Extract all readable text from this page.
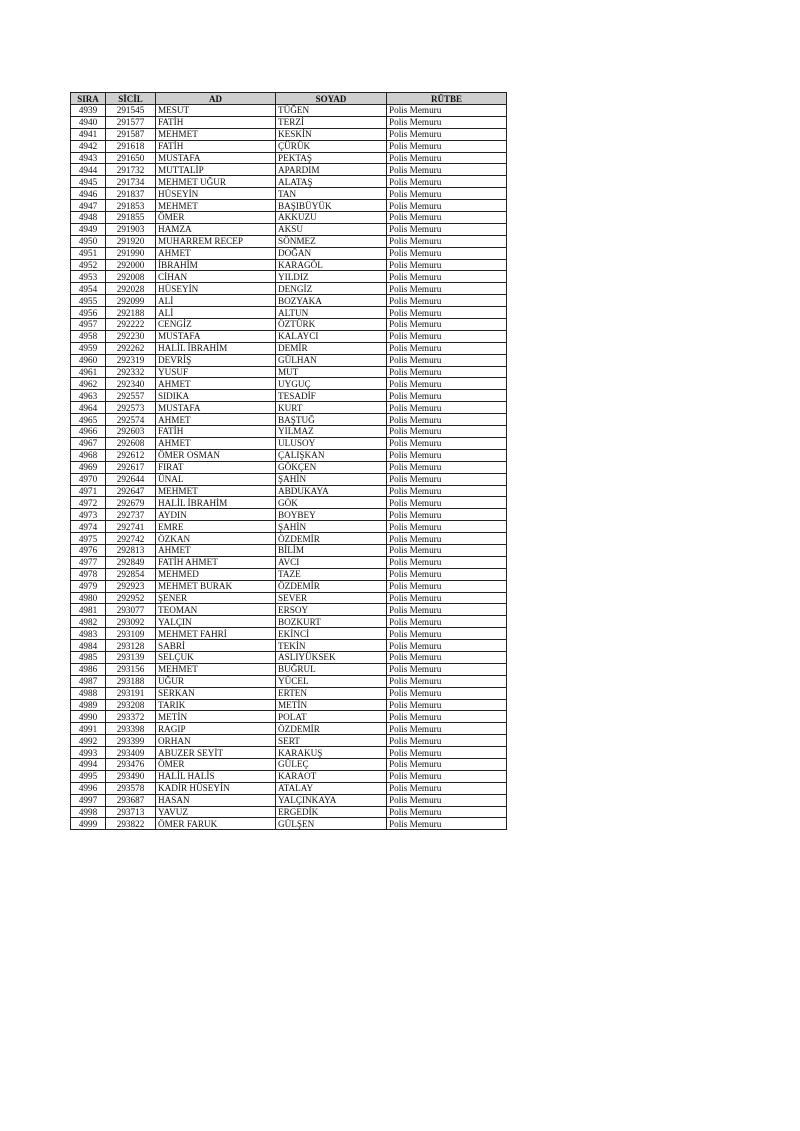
SIRA	SİCİL	AD	SOYAD	RÜTBE
4939	291545	MESUT	TÜĞEN	Polis Memuru
4940	291577	FATİH	TERZİ	Polis Memuru
4941	291587	MEHMET	KESKİN	Polis Memuru
4942	291618	FATİH	ÇÜRÜK	Polis Memuru
4943	291650	MUSTAFA	PEKTAŞ	Polis Memuru
4944	291732	MUTTALİP	APARDIM	Polis Memuru
4945	291734	MEHMET UĞUR	ALATAŞ	Polis Memuru
4946	291837	HÜSEYİN	TAN	Polis Memuru
4947	291853	MEHMET	BAŞIBÜYÜK	Polis Memuru
4948	291855	ÖMER	AKKUZU	Polis Memuru
4949	291903	HAMZA	AKSU	Polis Memuru
4950	291920	MUHARREM RECEP	SÖNMEZ	Polis Memuru
4951	291990	AHMET	DOĞAN	Polis Memuru
4952	292000	İBRAHİM	KARAGÖL	Polis Memuru
4953	292008	CİHAN	YILDIZ	Polis Memuru
4954	292028	HÜSEYİN	DENGİZ	Polis Memuru
4955	292099	ALİ	BOZYAKA	Polis Memuru
4956	292188	ALİ	ALTUN	Polis Memuru
4957	292222	CENGİZ	ÖZTÜRK	Polis Memuru
4958	292230	MUSTAFA	KALAYCI	Polis Memuru
4959	292262	HALİL İBRAHİM	DEMİR	Polis Memuru
4960	292319	DEVRİŞ	GÜLHAN	Polis Memuru
4961	292332	YUSUF	MUT	Polis Memuru
4962	292340	AHMET	UYGUÇ	Polis Memuru
4963	292557	SIDIKA	TESADİF	Polis Memuru
4964	292573	MUSTAFA	KURT	Polis Memuru
4965	292574	AHMET	BAŞTUĞ	Polis Memuru
4966	292603	FATİH	YILMAZ	Polis Memuru
4967	292608	AHMET	ULUSOY	Polis Memuru
4968	292612	ÖMER OSMAN	ÇALIŞKAN	Polis Memuru
4969	292617	FIRAT	GÖKÇEN	Polis Memuru
4970	292644	ÜNAL	ŞAHİN	Polis Memuru
4971	292647	MEHMET	ABDUKAYA	Polis Memuru
4972	292679	HALİL İBRAHİM	GÖK	Polis Memuru
4973	292737	AYDIN	BOYBEY	Polis Memuru
4974	292741	EMRE	ŞAHİN	Polis Memuru
4975	292742	ÖZKAN	ÖZDEMİR	Polis Memuru
4976	292813	AHMET	BİLİM	Polis Memuru
4977	292849	FATİH AHMET	AVCI	Polis Memuru
4978	292854	MEHMED	TAZE	Polis Memuru
4979	292923	MEHMET BURAK	ÖZDEMİR	Polis Memuru
4980	292952	ŞENER	SEVER	Polis Memuru
4981	293077	TEOMAN	ERSOY	Polis Memuru
4982	293092	YALÇIN	BOZKURT	Polis Memuru
4983	293109	MEHMET FAHRİ	EKİNCİ	Polis Memuru
4984	293128	SABRİ	TEKİN	Polis Memuru
4985	293139	SELÇUK	ASLIYÜKSEK	Polis Memuru
4986	293156	MEHMET	BUĞRUL	Polis Memuru
4987	293188	UĞUR	YÜCEL	Polis Memuru
4988	293191	SERKAN	ERTEN	Polis Memuru
4989	293208	TARIK	METİN	Polis Memuru
4990	293372	METİN	POLAT	Polis Memuru
4991	293398	RAGIP	ÖZDEMİR	Polis Memuru
4992	293399	ORHAN	SERT	Polis Memuru
4993	293409	ABUZER SEYİT	KARAKUŞ	Polis Memuru
4994	293476	ÖMER	GÜLEÇ	Polis Memuru
4995	293490	HALİL HALİS	KARAOT	Polis Memuru
4996	293578	KADİR HÜSEYİN	ATALAY	Polis Memuru
4997	293687	HASAN	YALÇINKAYA	Polis Memuru
4998	293713	YAVUZ	ERGEDİK	Polis Memuru
4999	293822	ÖMER FARUK	GÜLŞEN	Polis Memuru
